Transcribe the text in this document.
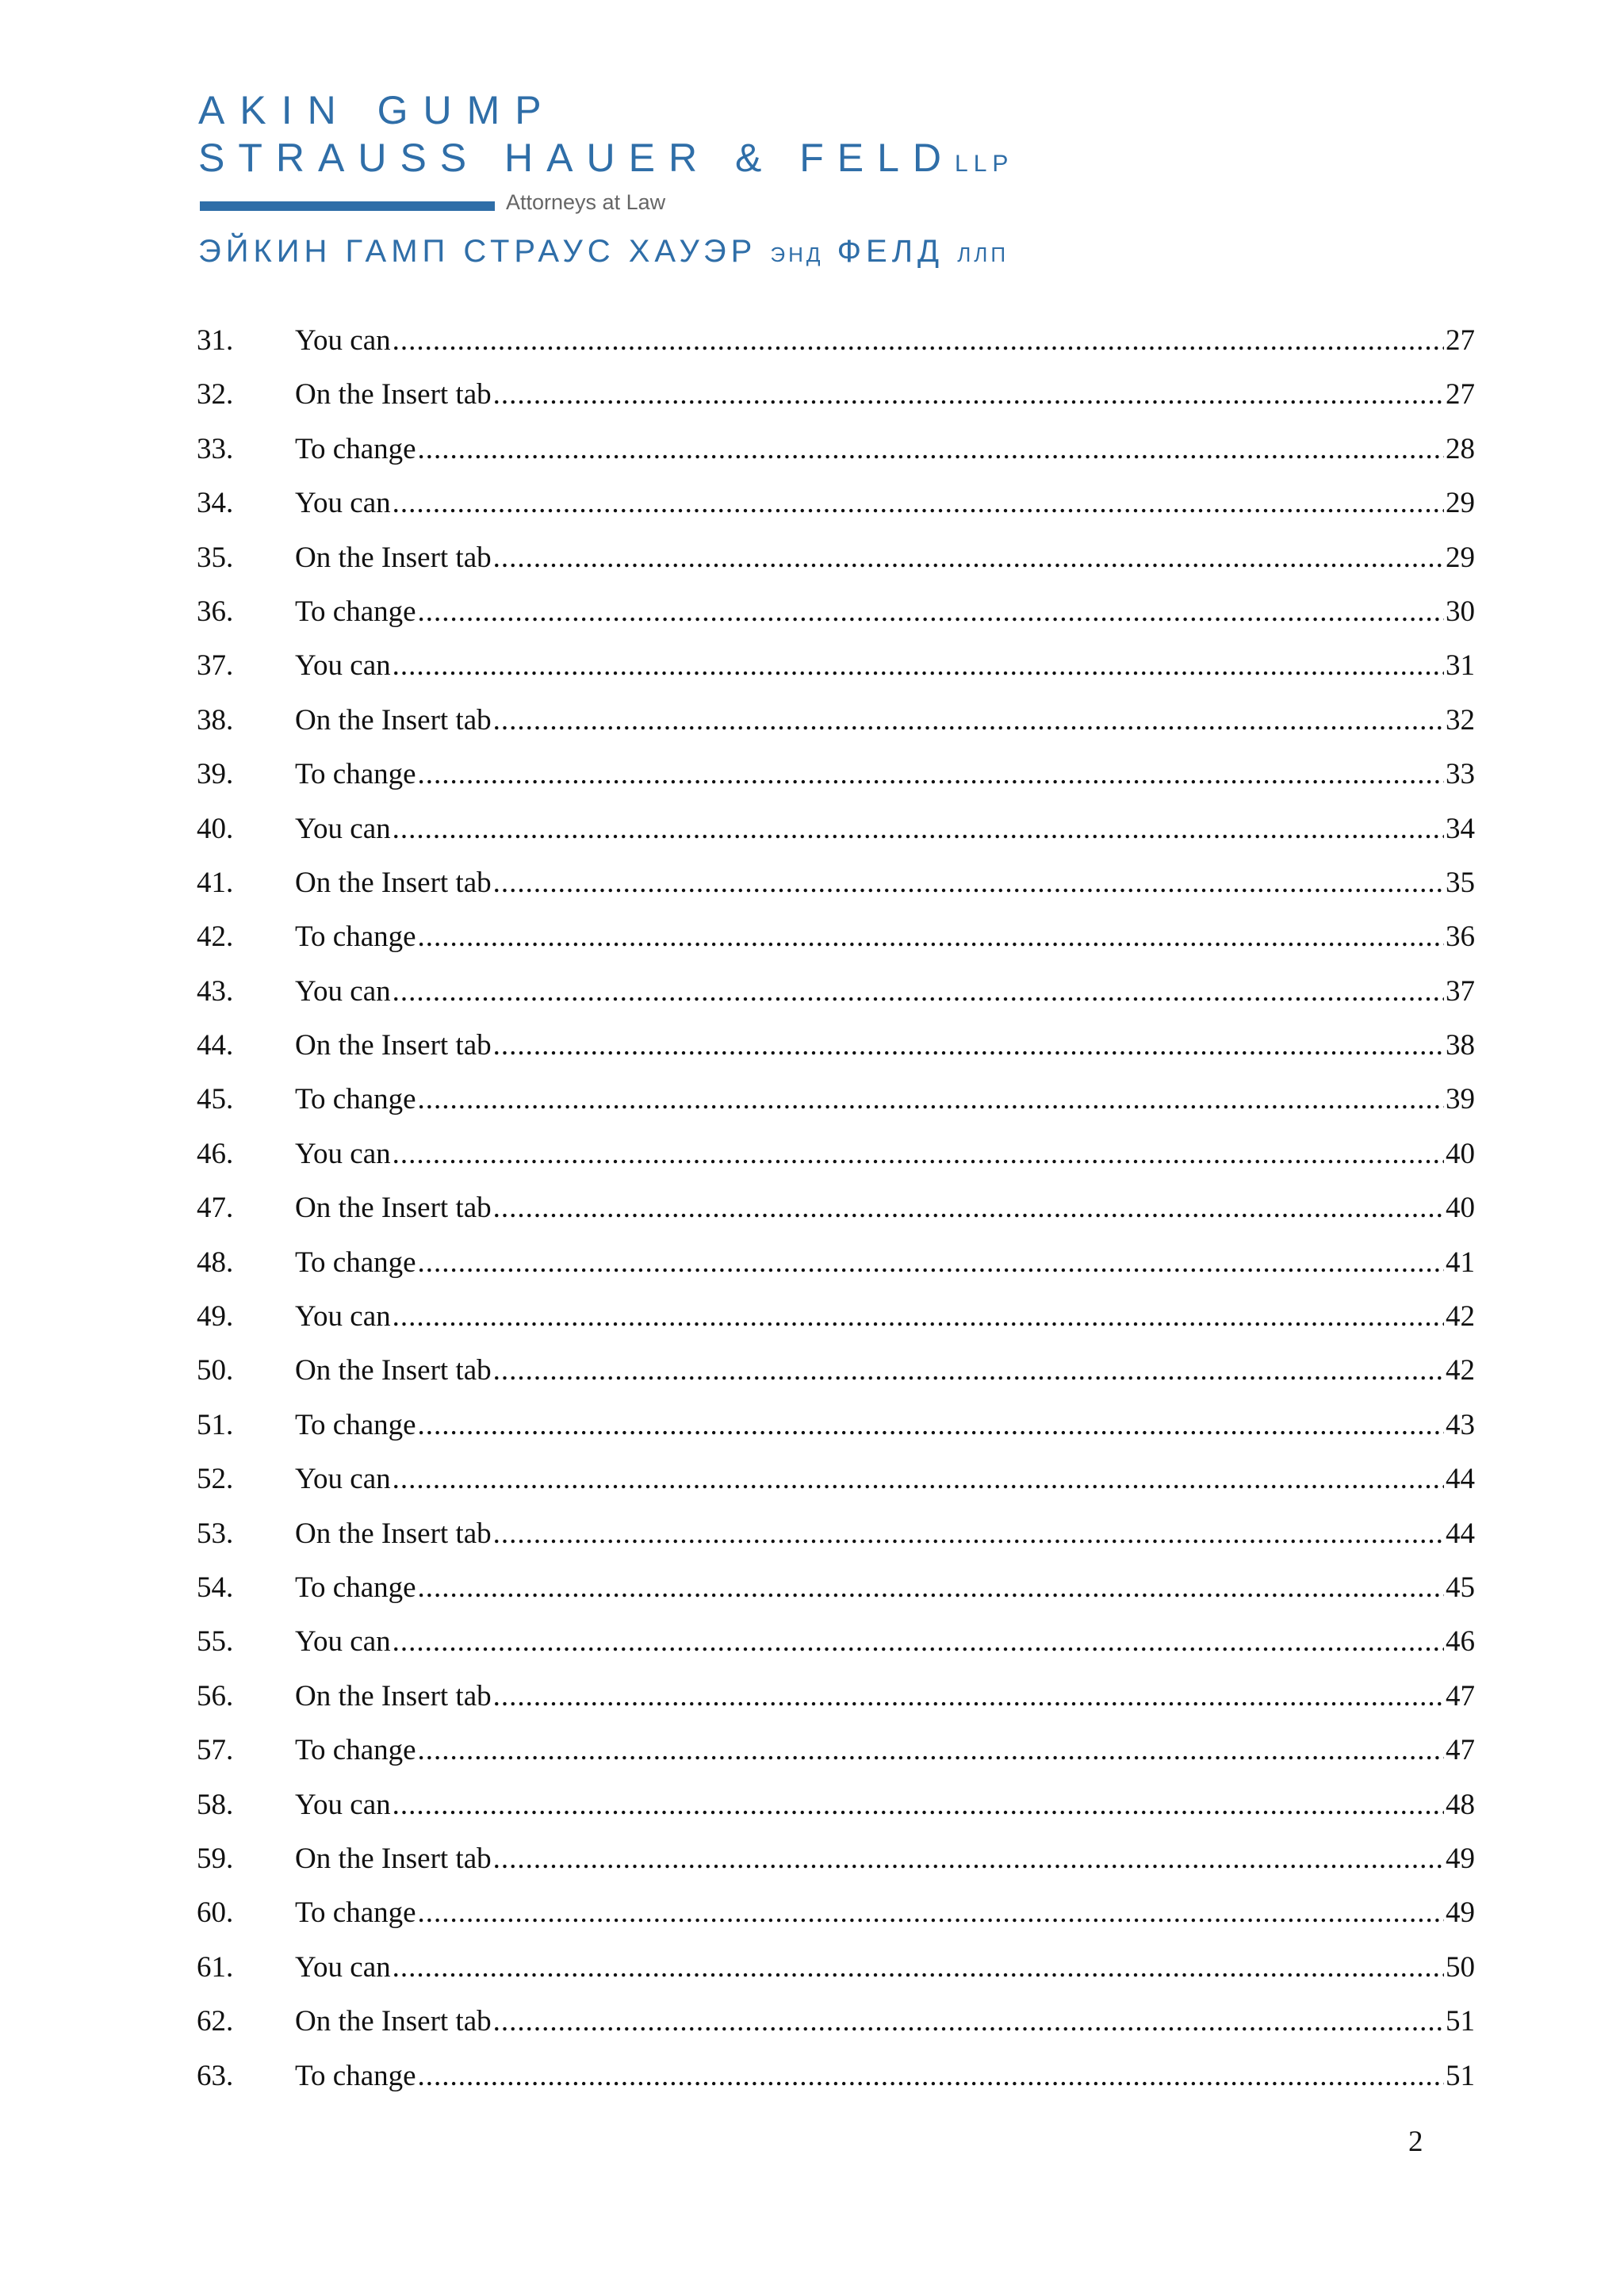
AKIN GUMP
STRAUSS HAUER & FELDLLP
Attorneys at Law
ЭЙКИН ГАМП СТРАУС ХАУЭР ЭНД ФЕЛД ЛЛП
31.	You can .....	27
32.	On the Insert tab .....	27
33.	To change .....	28
34.	You can .....	29
35.	On the Insert tab .....	29
36.	To change .....	30
37.	You can .....	31
38.	On the Insert tab .....	32
39.	To change .....	33
40.	You can .....	34
41.	On the Insert tab .....	35
42.	To change .....	36
43.	You can .....	37
44.	On the Insert tab .....	38
45.	To change .....	39
46.	You can .....	40
47.	On the Insert tab .....	40
48.	To change .....	41
49.	You can .....	42
50.	On the Insert tab .....	42
51.	To change .....	43
52.	You can .....	44
53.	On the Insert tab .....	44
54.	To change .....	45
55.	You can .....	46
56.	On the Insert tab .....	47
57.	To change .....	47
58.	You can .....	48
59.	On the Insert tab .....	49
60.	To change .....	49
61.	You can .....	50
62.	On the Insert tab .....	51
63.	To change .....	51
2
